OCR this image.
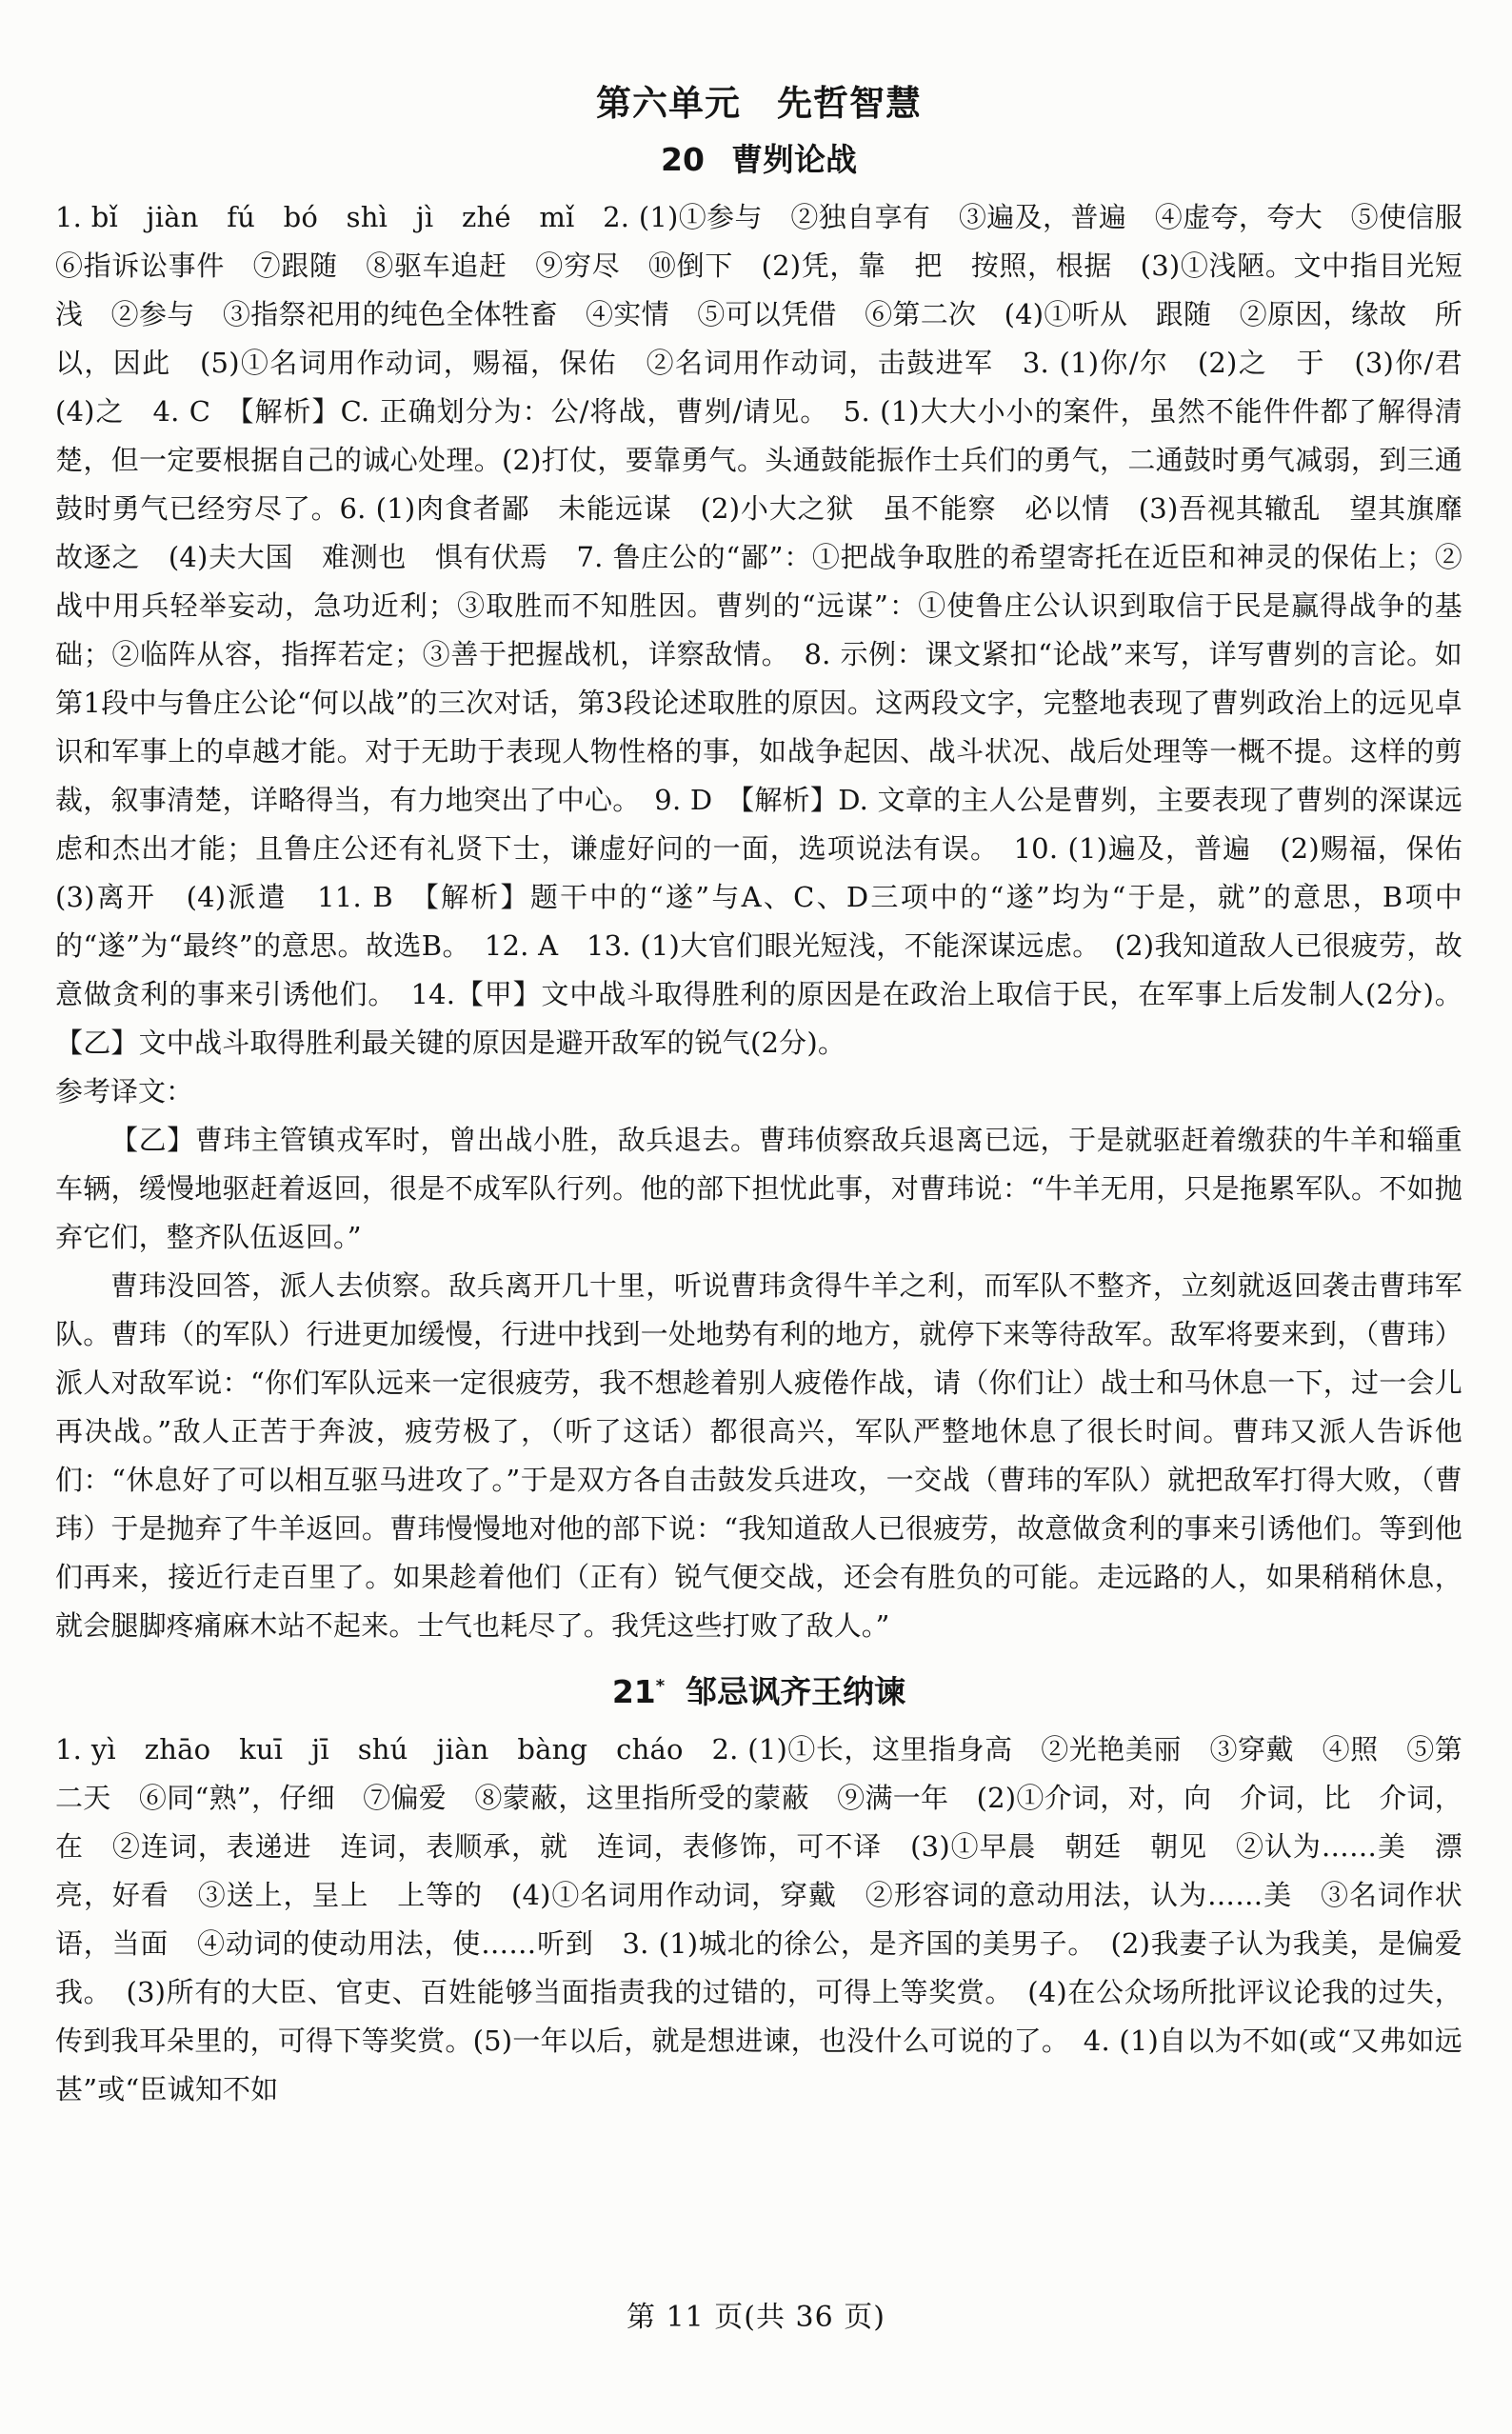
第六单元　先哲智慧
20 曹刿论战

1. bǐ　jiàn　fú　bó　shì　jì　zhé　mǐ　2. (1)①参与　②独自享有　③遍及，普遍　④虚夸，夸大　⑤使信服　⑥指诉讼事件　⑦跟随　⑧驱车追赶　⑨穷尽　⑩倒下　(2)凭，靠　把　按照，根据　(3)①浅陋。文中指目光短浅　②参与　③指祭祀用的纯色全体牲畜　④实情　⑤可以凭借　⑥第二次　(4)①听从　跟随　②原因，缘故　所以，因此　(5)①名词用作动词，赐福，保佑　②名词用作动词，击鼓进军　3. (1)你/尔　(2)之　于　(3)你/君　(4)之　4. C　【解析】C. 正确划分为：公/将战，曹刿/请见。　5. (1)大大小小的案件，虽然不能件件都了解得清楚，但一定要根据自己的诚心处理。(2)打仗，要靠勇气。头通鼓能振作士兵们的勇气，二通鼓时勇气减弱，到三通鼓时勇气已经穷尽了。6. (1)肉食者鄙　未能远谋　(2)小大之狱　虽不能察　必以情　(3)吾视其辙乱　望其旗靡　故逐之　(4)夫大国　难测也　惧有伏焉　7. 鲁庄公的“鄙”：①把战争取胜的希望寄托在近臣和神灵的保佑上；②战中用兵轻举妄动，急功近利；③取胜而不知胜因。曹刿的“远谋”：①使鲁庄公认识到取信于民是赢得战争的基础；②临阵从容，指挥若定；③善于把握战机，详察敌情。　8. 示例：课文紧扣“论战”来写，详写曹刿的言论。如第1段中与鲁庄公论“何以战”的三次对话，第3段论述取胜的原因。这两段文字，完整地表现了曹刿政治上的远见卓识和军事上的卓越才能。对于无助于表现人物性格的事，如战争起因、战斗状况、战后处理等一概不提。这样的剪裁，叙事清楚，详略得当，有力地突出了中心。　9. D　【解析】D. 文章的主人公是曹刿，主要表现了曹刿的深谋远虑和杰出才能；且鲁庄公还有礼贤下士，谦虚好问的一面，选项说法有误。　10. (1)遍及，普遍　(2)赐福，保佑　(3)离开　(4)派遣　11. B　【解析】题干中的“遂”与A、C、D三项中的“遂”均为“于是，就”的意思，B项中的“遂”为“最终”的意思。故选B。　12. A　13. (1)大官们眼光短浅，不能深谋远虑。　(2)我知道敌人已很疲劳，故意做贪利的事来引诱他们。　14.【甲】文中战斗取得胜利的原因是在政治上取信于民，在军事上后发制人(2分)。【乙】文中战斗取得胜利最关键的原因是避开敌军的锐气(2分)。

参考译文：

【乙】曹玮主管镇戎军时，曾出战小胜，敌兵退去。曹玮侦察敌兵退离已远，于是就驱赶着缴获的牛羊和辎重车辆，缓慢地驱赶着返回，很是不成军队行列。他的部下担忧此事，对曹玮说：“牛羊无用，只是拖累军队。不如抛弃它们，整齐队伍返回。”

曹玮没回答，派人去侦察。敌兵离开几十里，听说曹玮贪得牛羊之利，而军队不整齐，立刻就返回袭击曹玮军队。曹玮（的军队）行进更加缓慢，行进中找到一处地势有利的地方，就停下来等待敌军。敌军将要来到，（曹玮）派人对敌军说：“你们军队远来一定很疲劳，我不想趁着别人疲倦作战，请（你们让）战士和马休息一下，过一会儿再决战。”敌人正苦于奔波，疲劳极了，（听了这话）都很高兴，军队严整地休息了很长时间。曹玮又派人告诉他们：“休息好了可以相互驱马进攻了。”于是双方各自击鼓发兵进攻，一交战（曹玮的军队）就把敌军打得大败，（曹玮）于是抛弃了牛羊返回。曹玮慢慢地对他的部下说：“我知道敌人已很疲劳，故意做贪利的事来引诱他们。等到他们再来，接近行走百里了。如果趁着他们（正有）锐气便交战，还会有胜负的可能。走远路的人，如果稍稍休息，就会腿脚疼痛麻木站不起来。士气也耗尽了。我凭这些打败了敌人。”

21* 邹忌讽齐王纳谏

1. yì　zhāo　kuī　jī　shú　jiàn　bàng　cháo　2. (1)①长，这里指身高　②光艳美丽　③穿戴　④照　⑤第二天　⑥同“熟”，仔细　⑦偏爱　⑧蒙蔽，这里指所受的蒙蔽　⑨满一年　(2)①介词，对，向　介词，比　介词，在　②连词，表递进　连词，表顺承，就　连词，表修饰，可不译　(3)①早晨　朝廷　朝见　②认为……美　漂亮，好看　③送上，呈上　上等的　(4)①名词用作动词，穿戴　②形容词的意动用法，认为……美　③名词作状语，当面　④动词的使动用法，使……听到　3. (1)城北的徐公，是齐国的美男子。　(2)我妻子认为我美，是偏爱我。　(3)所有的大臣、官吏、百姓能够当面指责我的过错的，可得上等奖赏。　(4)在公众场所批评议论我的过失，传到我耳朵里的，可得下等奖赏。(5)一年以后，就是想进谏，也没什么可说的了。　4. (1)自以为不如(或“又弗如远甚”或“臣诚知不如

第 11 页(共 36 页)
